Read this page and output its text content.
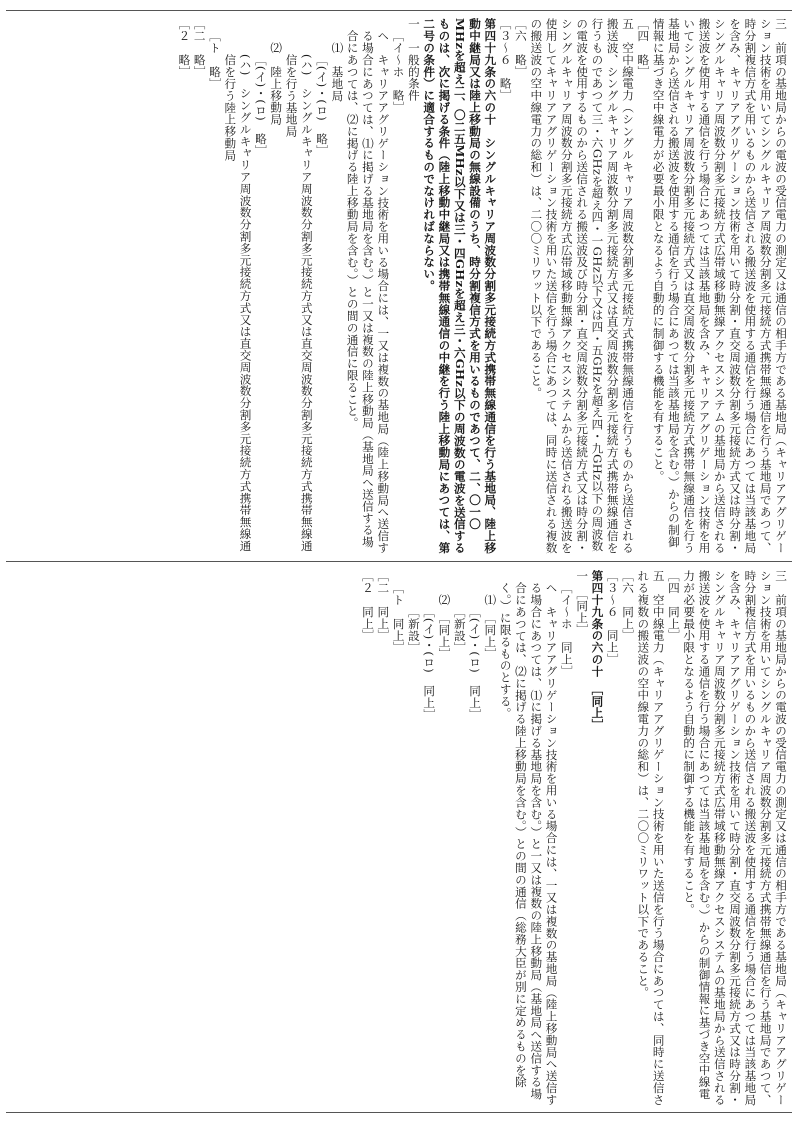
三　前項の基地局からの電波の受信電力の測定又は通信の相手方である基地局（キャリアアグリゲーション技術を用いてシングルキャリア周波数分割多元接続方式携帯無線通信を行う基地局であつて、時分割複信方式を用いるものから送信される搬送波を使用する通信を行う場合にあつては当該基地局を含み、キャリアアグリゲーション技術を用いて時分割・直交周波数分割多元接続方式又は時分割・シングルキャリア周波数分割多元接続方式広帯域移動無線アクセスシステムの基地局から送信される搬送波を使用する通信を行う場合にあつては当該基地局を含み、キャリアアグリゲーション技術を用いてシングルキャリア周波数分割多元接続方式又は直交周波数分割多元接続方式携帯無線通信を行う基地局から送信される搬送波を使用する通信を行う場合にあつては当該基地局を含む。）からの制御情報に基づき空中線電力が必要最小限となるよう自動的に制御する機能を有すること。

［四　略］

五　空中線電力（シングルキャリア周波数分割多元接続方式携帯無線通信を行うものから送信される搬送波、シングルキャリア周波数分割多元接続方式又は直交周波数分割多元接続方式携帯無線通信を行うものであつて三・六GHzを超え四・一GHz以下又は四・五GHzを超え四・九GHz以下の周波数の電波を使用するものから送信される搬送波及び時分割・直交周波数分割多元接続方式又は時分割・シングルキャリア周波数分割多元接続方式広帯域移動無線アクセスシステムから送信される搬送波を使用してキャリアアグリゲーション技術を用いた送信を行う場合にあつては、同時に送信される複数の搬送波の空中線電力の総和）は、二〇〇ミリワット以下であること。

［六　略］

［３〜６　略］

第四十九条の六の十　シングルキャリア周波数分割多元接続方式携帯無線通信を行う基地局、陸上移動中継局又は陸上移動局の無線設備のうち、時分割複信方式を用いるものであつて、二、〇一〇MHzを超え二、〇二五MHz以下又は三・四GHzを超え三・六GHz以下の周波数の電波を送信するものは、次に掲げる条件（陸上移動中継局又は携帯無線通信の中継を行う陸上移動局にあつては、第二号の条件）に適合するものでなければならない。

一　一般的条件

［イ〜ホ　略］

ヘ　キャリアアグリゲーション技術を用いる場合には、一又は複数の基地局（陸上移動局へ送信する場合にあつては、⑴に掲げる基地局を含む。）と一又は複数の陸上移動局（基地局へ送信する場合にあつては、⑵に掲げる陸上移動局を含む。）との間の通信に限ること。

⑴　基地局

［(イ)・(ロ)　略］

(ハ)　シングルキャリア周波数分割多元接続方式又は直交周波数分割多元接続方式携帯無線通信を行う基地局

⑵　陸上移動局

［(イ)・(ロ)　略］

(ハ)　シングルキャリア周波数分割多元接続方式又は直交周波数分割多元接続方式携帯無線通信を行う陸上移動局

［ト　略］

［二　略］

［２　略］

三　前項の基地局からの電波の受信電力の測定又は通信の相手方である基地局（キャリアアグリゲーション技術を用いてシングルキャリア周波数分割多元接続方式携帯無線通信を行う基地局であつて、時分割複信方式を用いるものから送信される搬送波を使用する通信を行う場合にあつては当該基地局を含み、キャリアアグリゲーション技術を用いて時分割・直交周波数分割多元接続方式又は時分割・シングルキャリア周波数分割多元接続方式広帯域移動無線アクセスシステムの基地局から送信される搬送波を使用する通信を行う場合にあつては当該基地局を含む。）からの制御情報に基づき空中線電力が必要最小限となるよう自動的に制御する機能を有すること。

［四　同上］

五　空中線電力（キャリアアグリゲーション技術を用いた送信を行う場合にあつては、同時に送信される複数の搬送波の空中線電力の総和）は、二〇〇ミリワット以下であること。

［六　同上］

［３〜６　同上］

第四十九条の六の十　［同上］

一　［同上］

［イ〜ホ　同上］

ヘ　キャリアアグリゲーション技術を用いる場合には、一又は複数の基地局（陸上移動局へ送信する場合にあつては、⑴に掲げる基地局を含む。）と一又は複数の陸上移動局（基地局へ送信する場合にあつては、⑵に掲げる陸上移動局を含む。）との間の通信（総務大臣が別に定めるものを除く。）に限るものとする。

⑴　［同上］

［(イ)・(ロ)　同上］

［新設］

⑵　［同上］

［(イ)・(ロ)　同上］

［新設］

［ト　同上］

［二　同上］

［２　同上］
